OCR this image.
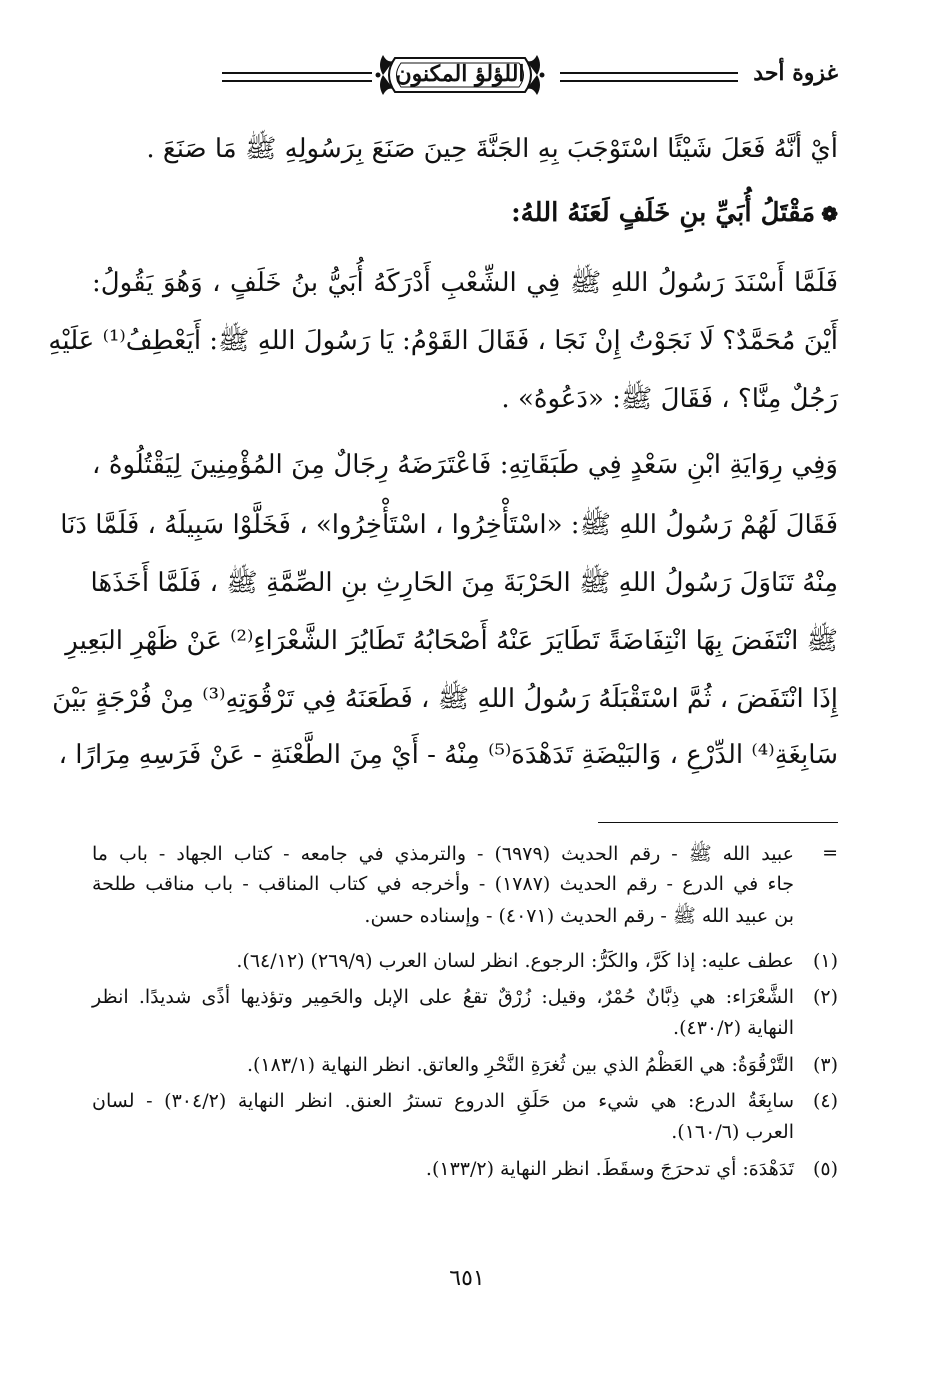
غزوة أحد
اللؤلؤ المكنون
أيْ أنَّهُ فَعَلَ شَيْئًا اسْتَوْجَبَ بِهِ الجَنَّةَ حِينَ صَنَعَ بِرَسُولِهِ ﷺ مَا صَنَعَ .
❁مَقْتَلُ أُبَيِّ بنِ خَلَفٍ لَعَنَهُ اللهُ:
فَلَمَّا أَسْنَدَ رَسُولُ اللهِ ﷺ فِي الشِّعْبِ أَدْرَكَهُ أُبَيُّ بنُ خَلَفٍ ، وَهُوَ يَقُولُ:
أَيْنَ مُحَمَّدٌ؟ لَا نَجَوْتُ إِنْ نَجَا ، فَقَالَ القَوْمُ: يَا رَسُولَ اللهِ ﷺ: أَيَعْطِفُ⁽¹⁾ عَلَيْهِ
رَجُلٌ مِنَّا؟ ، فَقَالَ ﷺ: «دَعُوهُ» .
وَفِي رِوَايَةِ ابْنِ سَعْدٍ فِي طَبَقَاتِهِ: فَاعْتَرَضَهُ رِجَالٌ مِنَ المُؤْمِنِينَ لِيَقْتُلُوهُ ،
فَقَالَ لَهُمْ رَسُولُ اللهِ ﷺ: «اسْتَأْخِرُوا ، اسْتَأْخِرُوا» ، فَخَلَّوْا سَبِيلَهُ ، فَلَمَّا دَنَا
مِنْهُ تَنَاوَلَ رَسُولُ اللهِ ﷺ الحَرْبَةَ مِنَ الحَارِثِ بنِ الصِّمَّةِ ﷺ ، فَلَمَّا أَخَذَهَا
ﷺ انْتَفَضَ بِهَا انْتِفَاضَةً تَطَايَرَ عَنْهُ أَصْحَابُهُ تَطَايُرَ الشَّعْرَاءِ⁽²⁾ عَنْ ظَهْرِ البَعِيرِ
إِذَا انْتَفَضَ ، ثُمَّ اسْتَقْبَلَهُ رَسُولُ اللهِ ﷺ ، فَطَعَنَهُ فِي تَرْقُوَتِهِ⁽³⁾ مِنْ فُرْجَةٍ بَيْنَ
سَابِغَةِ⁽⁴⁾ الدِّرْعِ ، وَالبَيْضَةِ تَدَهْدَهَ⁽⁵⁾ مِنْهُ - أَيْ مِنَ الطَّعْنَةِ - عَنْ فَرَسِهِ مِرَارًا ،
=
عبيد الله ﷺ - رقم الحديث (٦٩٧٩) - والترمذي في جامعه - كتاب الجهاد - باب ما
جاء في الدرع - رقم الحديث (١٧٨٧) - وأخرجه في كتاب المناقب - باب مناقب طلحة
بن عبيد الله ﷺ - رقم الحديث (٤٠٧١) - وإسناده حسن.
(١)
عطف عليه: إذا كَرَّ، والكَرُّ: الرجوع. انظر لسان العرب (٢٦٩/٩) (٦٤/١٢).
(٢)
الشَّعْرَاء: هي ذِبَّانٌ حُمْرٌ، وقيل: زُرْقٌ تقعُ على الإبل والحَمِير وتؤذيها أذًى شديدًا. انظر
النهاية (٤٣٠/٢).
(٣)
التَّرْقُوَةُ: هي العَظْمُ الذي بين ثُغرَةِ النَّحْرِ والعاتق. انظر النهاية (١٨٣/١).
(٤)
سابِغَةُ الدرع: هي شيء من حَلَقِ الدروع تسترُ العنق. انظر النهاية (٣٠٤/٢) - لسان
العرب (١٦٠/٦).
(٥)
تَدَهْدَهَ: أي تدحرَجَ وسقَطَ. انظر النهاية (١٣٣/٢).
٦٥١
